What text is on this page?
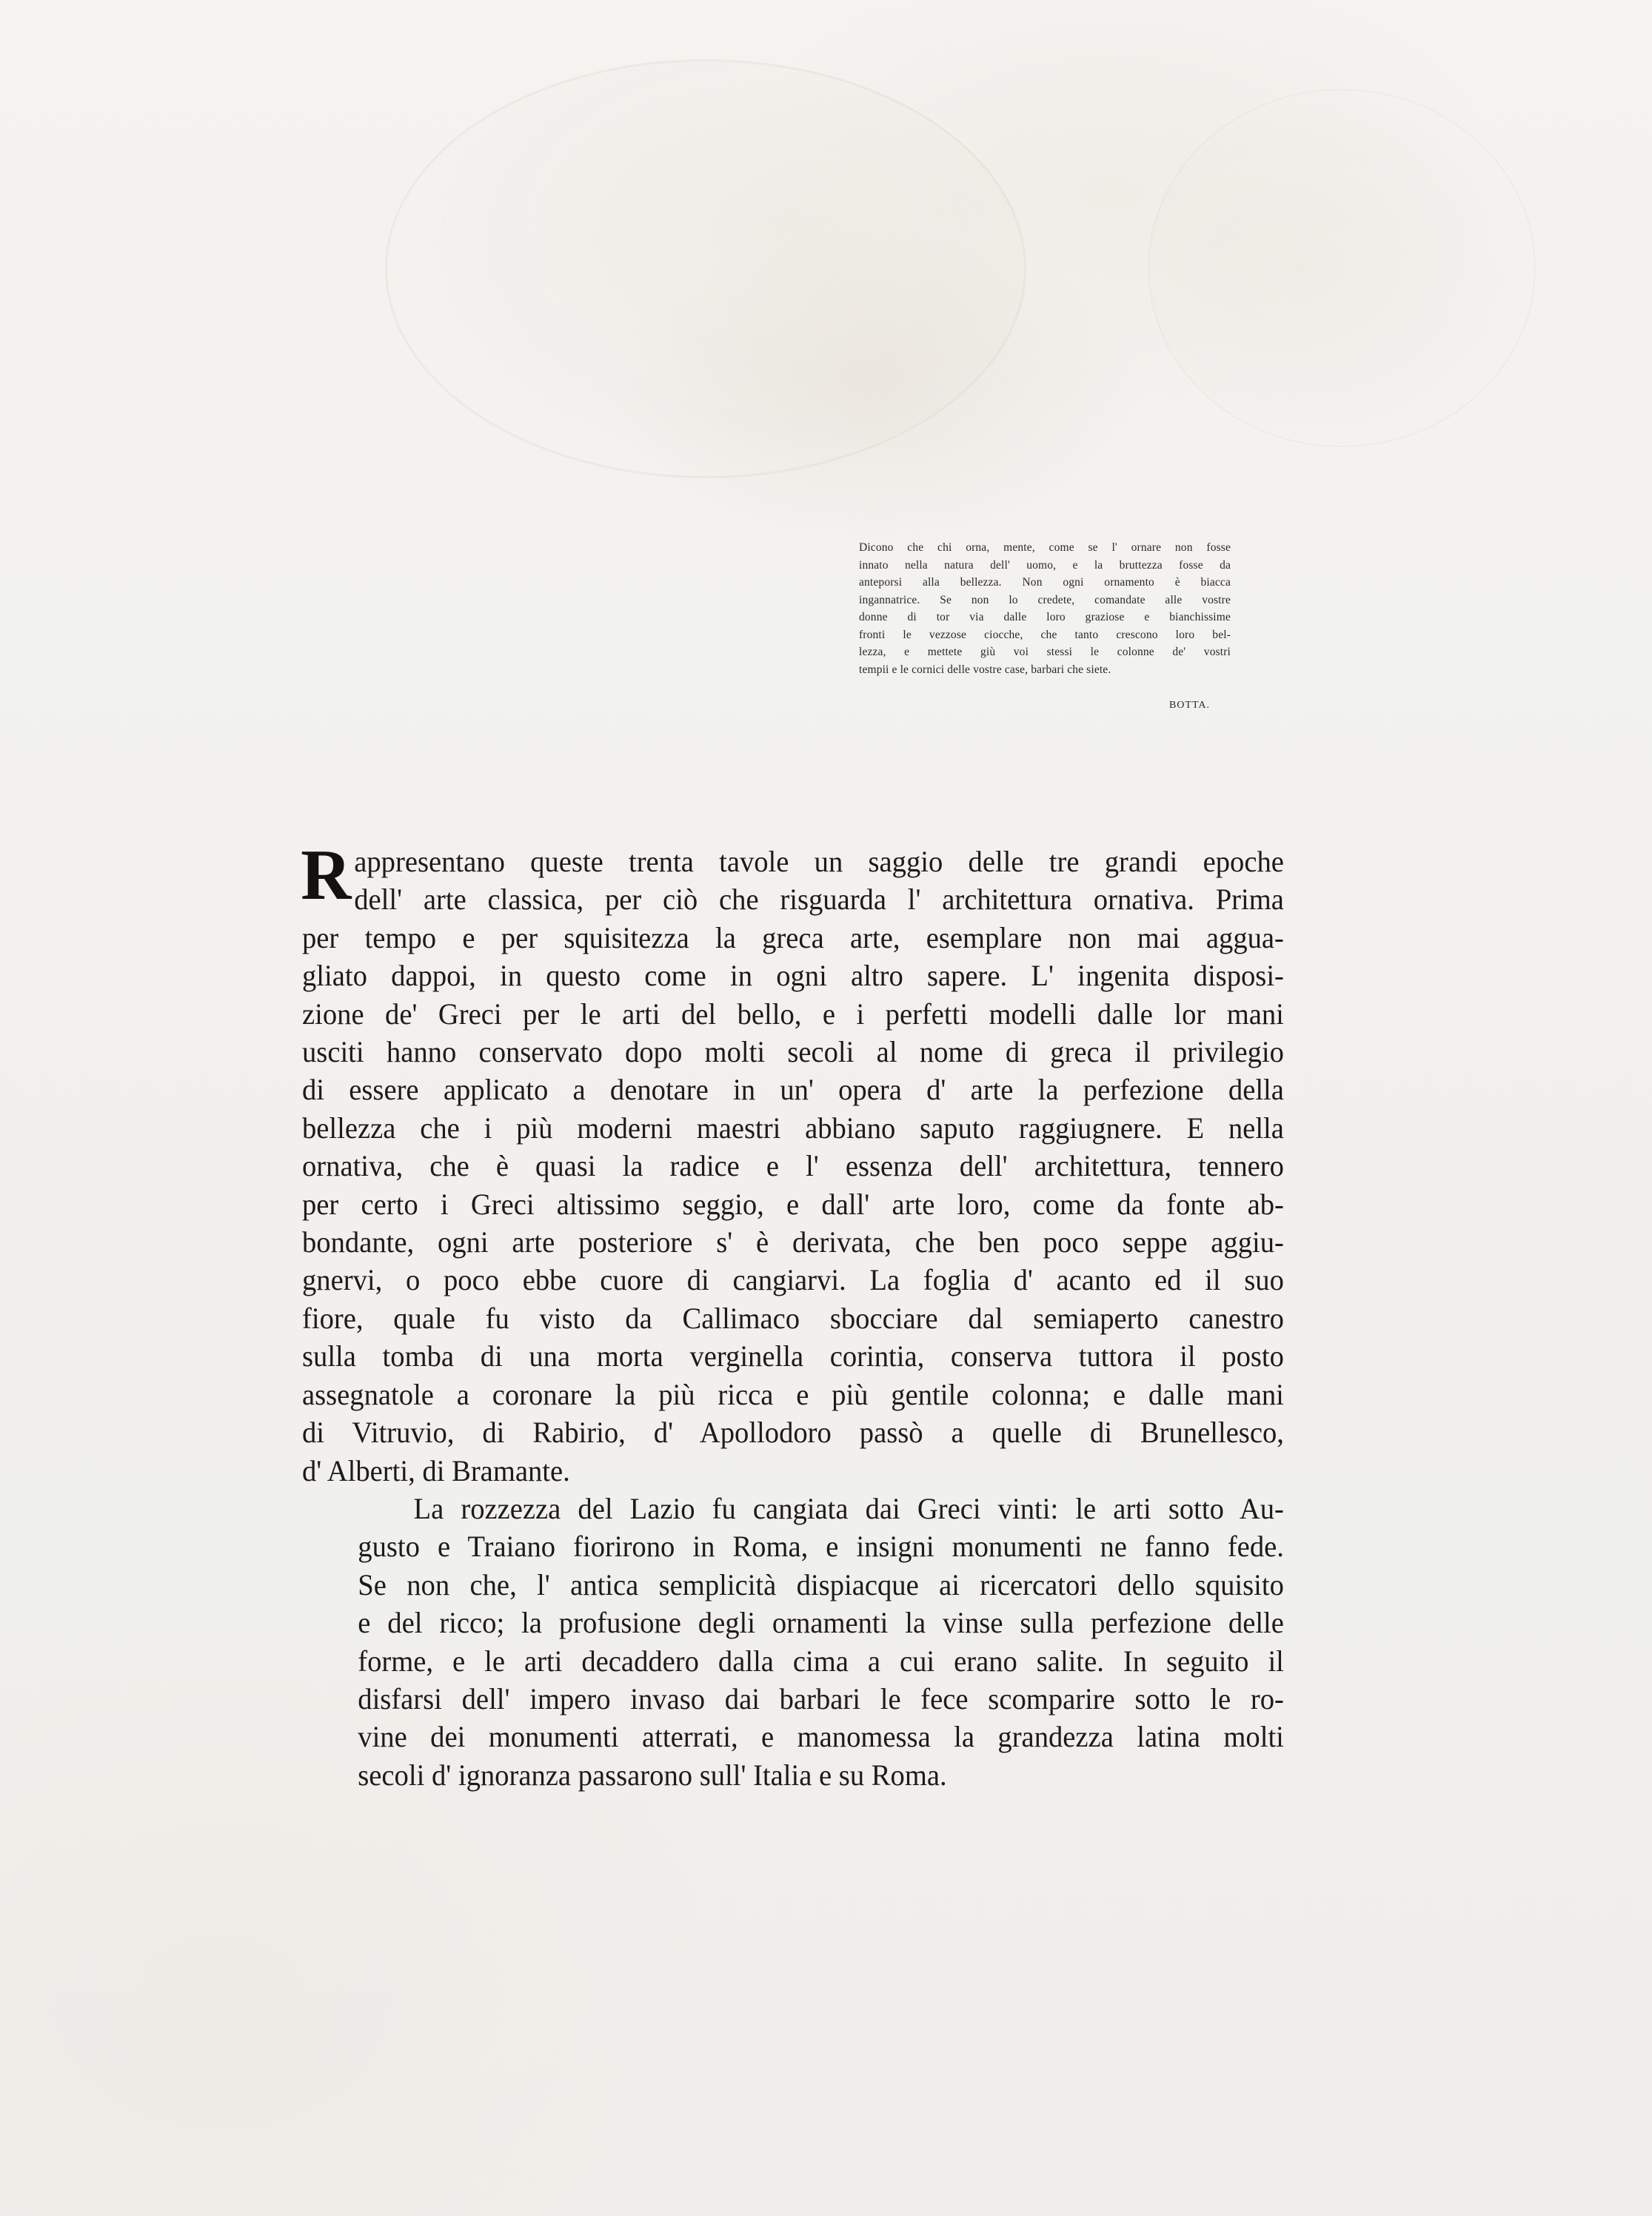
Dicono che chi orna, mente, come se l' ornare non fosse
innato nella natura dell' uomo, e la bruttezza fosse da
anteporsi alla bellezza. Non ogni ornamento è biacca
ingannatrice. Se non lo credete, comandate alle vostre
donne di tor via dalle loro graziose e bianchissime
fronti le vezzose ciocche, che tanto crescono loro bel-
lezza, e mettete giù voi stessi le colonne de' vostri
tempii e le cornici delle vostre case, barbari che siete.
BOTTA.
R appresentano queste trenta tavole un saggio delle tre grandi epoche
dell' arte classica, per ciò che risguarda l' architettura ornativa. Prima
per tempo e per squisitezza la greca arte, esemplare non mai aggua-
gliato dappoi, in questo come in ogni altro sapere. L' ingenita disposi-
zione de' Greci per le arti del bello, e i perfetti modelli dalle lor mani
usciti hanno conservato dopo molti secoli al nome di greca il privilegio
di essere applicato a denotare in un' opera d' arte la perfezione della
bellezza che i più moderni maestri abbiano saputo raggiugnere. E nella
ornativa, che è quasi la radice e l' essenza dell' architettura, tennero
per certo i Greci altissimo seggio, e dall' arte loro, come da fonte ab-
bondante, ogni arte posteriore s' è derivata, che ben poco seppe aggiu-
gnervi, o poco ebbe cuore di cangiarvi. La foglia d' acanto ed il suo
fiore, quale fu visto da Callimaco sbocciare dal semiaperto canestro
sulla tomba di una morta verginella corintia, conserva tuttora il posto
assegnatole a coronare la più ricca e più gentile colonna; e dalle mani
di Vitruvio, di Rabirio, d' Apollodoro passò a quelle di Brunellesco,
d' Alberti, di Bramante.
La rozzezza del Lazio fu cangiata dai Greci vinti: le arti sotto Au-
gusto e Traiano fiorirono in Roma, e insigni monumenti ne fanno fede.
Se non che, l' antica semplicità dispiacque ai ricercatori dello squisito
e del ricco; la profusione degli ornamenti la vinse sulla perfezione delle
forme, e le arti decaddero dalla cima a cui erano salite. In seguito il
disfarsi dell' impero invaso dai barbari le fece scomparire sotto le ro-
vine dei monumenti atterrati, e manomessa la grandezza latina molti
secoli d' ignoranza passarono sull' Italia e su Roma.
